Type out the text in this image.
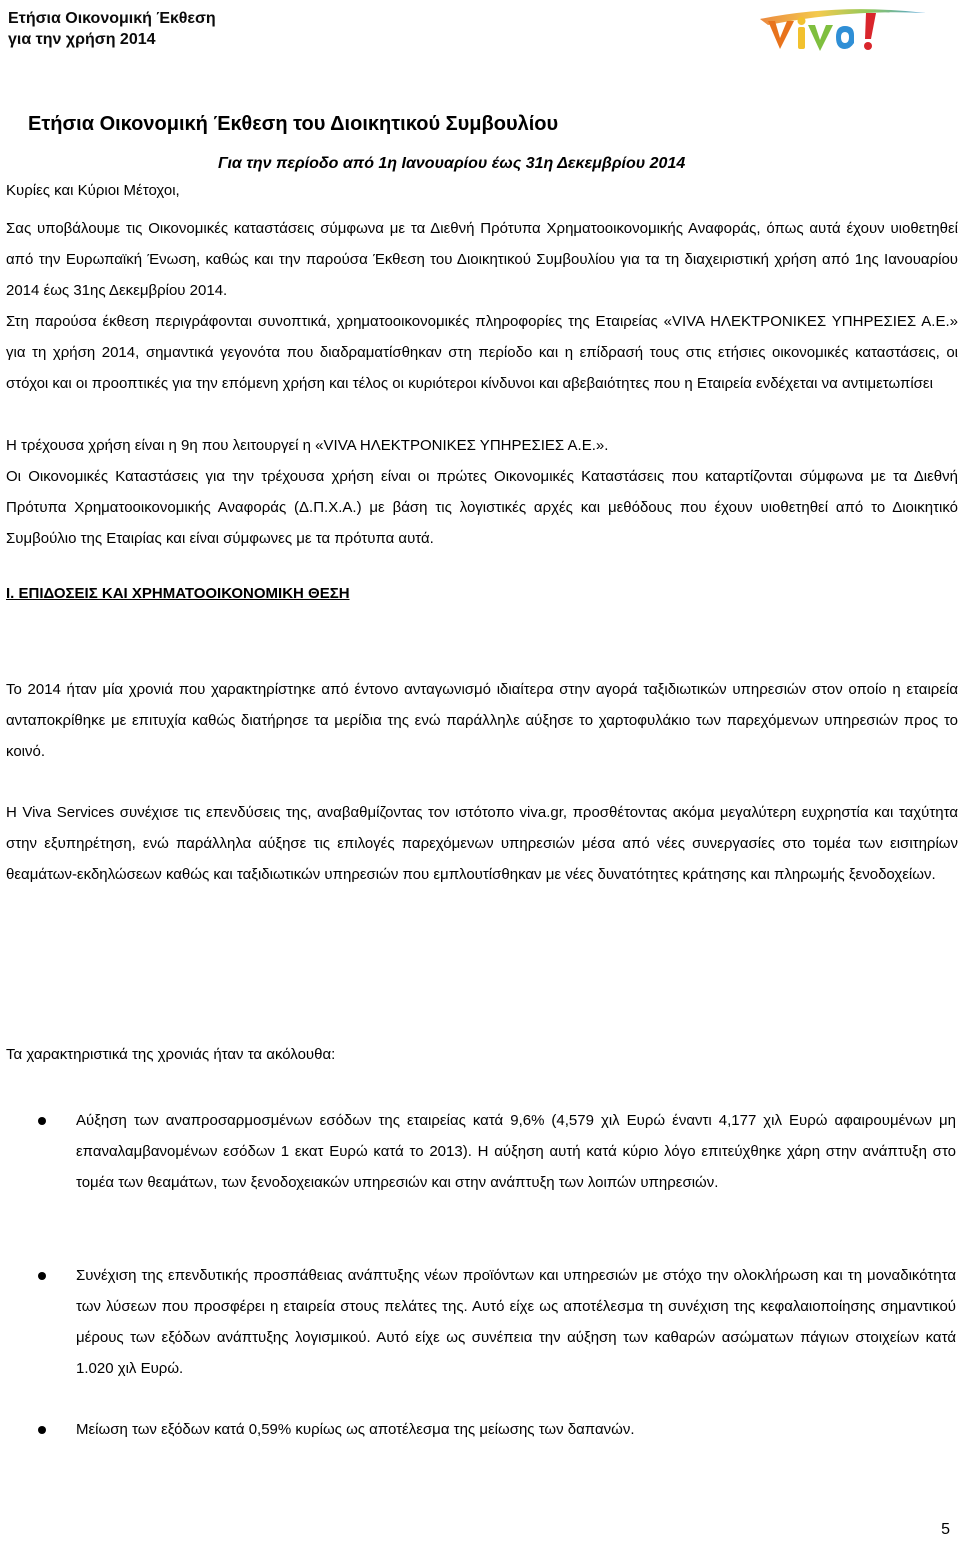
Ετήσια Οικονομική Έκθεση
για την χρήση 2014
Ετήσια Οικονομική Έκθεση του Διοικητικού Συμβουλίου
Για την περίοδο από 1η Ιανουαρίου έως 31η Δεκεμβρίου 2014
Κυρίες και Κύριοι Μέτοχοι,

Σας υποβάλουμε τις Οικονομικές καταστάσεις σύμφωνα με τα Διεθνή Πρότυπα Χρηματοοικονομικής Αναφοράς, όπως αυτά έχουν υιοθετηθεί από την Ευρωπαϊκή Ένωση, καθώς και την παρούσα Έκθεση του Διοικητικού Συμβουλίου για τα τη διαχειριστική χρήση από 1ης Ιανουαρίου 2014 έως 31ης Δεκεμβρίου 2014.

Στη παρούσα έκθεση περιγράφονται συνοπτικά, χρηματοοικονομικές πληροφορίες της Εταιρείας «VIVA ΗΛΕΚΤΡΟΝΙΚΕΣ ΥΠΗΡΕΣΙΕΣ Α.Ε.» για τη χρήση 2014, σημαντικά γεγονότα που διαδραματίσθηκαν στη περίοδο και η επίδρασή τους στις ετήσιες οικονομικές καταστάσεις, οι στόχοι και οι προοπτικές για την επόμενη χρήση και τέλος οι κυριότεροι κίνδυνοι και αβεβαιότητες που η Εταιρεία ενδέχεται να αντιμετωπίσει

Η τρέχουσα χρήση είναι η 9η που λειτουργεί η «VIVA ΗΛΕΚΤΡΟΝΙΚΕΣ ΥΠΗΡΕΣΙΕΣ Α.Ε.».

Οι Οικονομικές Καταστάσεις για την τρέχουσα χρήση είναι οι πρώτες Οικονομικές Καταστάσεις που καταρτίζονται σύμφωνα με τα Διεθνή Πρότυπα Χρηματοοικονομικής Αναφοράς (Δ.Π.Χ.Α.) με βάση τις λογιστικές αρχές και μεθόδους που έχουν υιοθετηθεί από το Διοικητικό Συμβούλιο της Εταιρίας και είναι σύμφωνες με τα πρότυπα αυτά.

Ι. ΕΠΙΔΟΣΕΙΣ ΚΑΙ ΧΡΗΜΑΤΟΟΙΚΟΝΟΜΙΚΗ ΘΕΣΗ

Το 2014 ήταν μία χρονιά που χαρακτηρίστηκε από έντονο ανταγωνισμό ιδιαίτερα στην αγορά ταξιδιωτικών υπηρεσιών στον οποίο η εταιρεία ανταποκρίθηκε με επιτυχία καθώς διατήρησε τα μερίδια της ενώ παράλληλε αύξησε το χαρτοφυλάκιο των παρεχόμενων υπηρεσιών προς το κοινό.

Η Viva Services συνέχισε τις επενδύσεις της, αναβαθμίζοντας τον ιστότοπο viva.gr, προσθέτοντας ακόμα μεγαλύτερη ευχρηστία και ταχύτητα στην εξυπηρέτηση, ενώ παράλληλα αύξησε τις επιλογές παρεχόμενων υπηρεσιών μέσα από νέες συνεργασίες στο τομέα των εισιτηρίων θεαμάτων-εκδηλώσεων καθώς και ταξιδιωτικών υπηρεσιών που εμπλουτίσθηκαν με νέες δυνατότητες κράτησης και πληρωμής ξενοδοχείων.

Τα χαρακτηριστικά της χρονιάς ήταν τα ακόλουθα:

Αύξηση των αναπροσαρμοσμένων εσόδων της εταιρείας κατά 9,6% (4,579 χιλ Ευρώ έναντι 4,177 χιλ Ευρώ αφαιρουμένων μη επαναλαμβανομένων εσόδων 1 εκατ Ευρώ κατά το 2013). Η αύξηση αυτή κατά κύριο λόγο επιτεύχθηκε χάρη στην ανάπτυξη στο τομέα των θεαμάτων, των ξενοδοχειακών υπηρεσιών και στην ανάπτυξη των λοιπών υπηρεσιών.

Συνέχιση της επενδυτικής προσπάθειας ανάπτυξης νέων προϊόντων και υπηρεσιών με στόχο την ολοκλήρωση και τη μοναδικότητα των λύσεων που προσφέρει η εταιρεία στους πελάτες της. Αυτό είχε ως αποτέλεσμα τη συνέχιση της κεφαλαιοποίησης σημαντικού μέρους των εξόδων ανάπτυξης λογισμικού. Αυτό είχε ως συνέπεια την αύξηση των καθαρών ασώματων πάγιων στοιχείων κατά 1.020 χιλ Ευρώ.

Μείωση των εξόδων κατά 0,59% κυρίως ως αποτέλεσμα της μείωσης των δαπανών.

5
